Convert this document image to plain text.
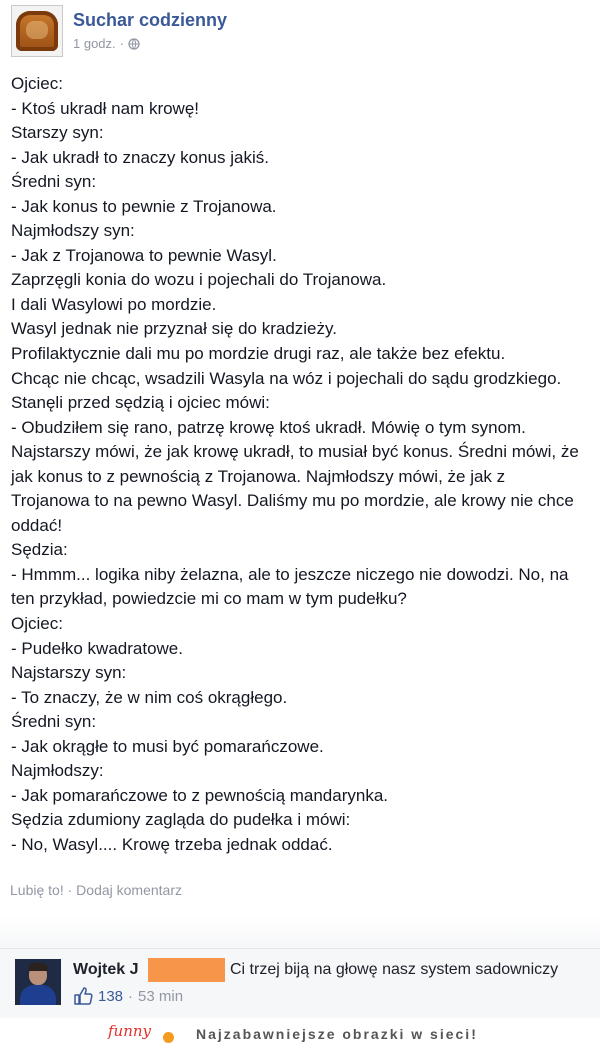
Suchar codzienny
1 godz. ·
Ojciec:
- Ktoś ukradł nam krowę!
Starszy syn:
- Jak ukradł to znaczy konus jakiś.
Średni syn:
- Jak konus to pewnie z Trojanowa.
Najmłodszy syn:
- Jak z Trojanowa to pewnie Wasyl.
Zaprzęgli konia do wozu i pojechali do Trojanowa.
I dali Wasylowi po mordzie.
Wasyl jednak nie przyznał się do kradzieży.
Profilaktycznie dali mu po mordzie drugi raz, ale także bez efektu.
Chcąc nie chcąc, wsadzili Wasyla na wóz i pojechali do sądu grodzkiego.
Stanęli przed sędzią i ojciec mówi:
- Obudziłem się rano, patrzę krowę ktoś ukradł. Mówię o tym synom.
Najstarszy mówi, że jak krowę ukradł, to musiał być konus. Średni mówi, że
jak konus to z pewnością z Trojanowa. Najmłodszy mówi, że jak z
Trojanowa to na pewno Wasyl. Daliśmy mu po mordzie, ale krowy nie chce
oddać!
Sędzia:
- Hmmm... logika niby żelazna, ale to jeszcze niczego nie dowodzi. No, na
ten przykład, powiedzcie mi co mam w tym pudełku?
Ojciec:
- Pudełko kwadratowe.
Najstarszy syn:
- To znaczy, że w nim coś okrągłego.
Średni syn:
- Jak okrągłe to musi być pomarańczowe.
Najmłodszy:
- Jak pomarańczowe to z pewnością mandarynka.
Sędzia zdumiony zagląda do pudełka i mówi:
- No, Wasyl.... Krowę trzeba jednak oddać.
Lubię to! · Dodaj komentarz
Wojtek J	Ci trzej biją na głowę nasz system sadowniczy
138 · 53 min
funny	Najzabawniejsze obrazki w sieci!
